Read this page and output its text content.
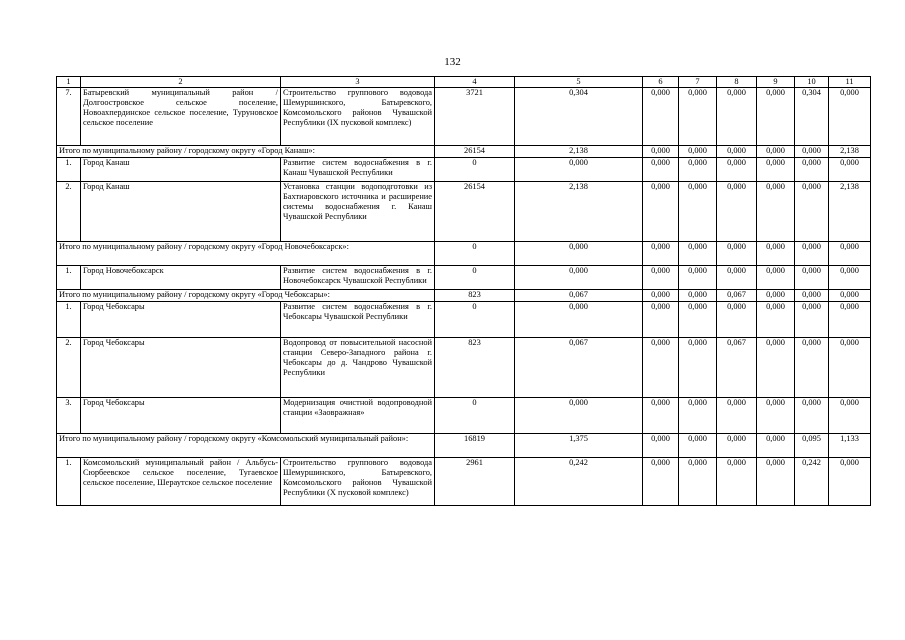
132
1	2	3	4	5	6	7	8	9	10	11
7.	Батыревский муниципальный район / Долгоостровское сельское поселение, Новоахпердинское сельское поселение, Туруновское сельское поселение	Строительство группового водовода Шемуршинского, Батыревского, Комсомольского районов Чувашской Республики (IX пусковой комплекс)	3721	0,304	0,000	0,000	0,000	0,000	0,304	0,000
Итого по муниципальному району / городскому округу «Город Канаш»:			26154	2,138	0,000	0,000	0,000	0,000	0,000	2,138
1.	Город Канаш	Развитие систем водоснабжения в г. Канаш Чувашской Республики	0	0,000	0,000	0,000	0,000	0,000	0,000	0,000
2.	Город Канаш	Установка станции водоподготовки из Бахтиаровского источника и расширение системы водоснабжения г. Канаш Чувашской Республики	26154	2,138	0,000	0,000	0,000	0,000	0,000	2,138
Итого по муниципальному району / городскому округу «Город Новочебоксарск»:			0	0,000	0,000	0,000	0,000	0,000	0,000	0,000
1.	Город Новочебоксарск	Развитие систем водоснабжения в г. Новочебоксарск Чувашской Республики	0	0,000	0,000	0,000	0,000	0,000	0,000	0,000
Итого по муниципальному району / городскому округу «Город Чебоксары»:			823	0,067	0,000	0,000	0,067	0,000	0,000	0,000
1.	Город Чебоксары	Развитие систем водоснабжения в г. Чебоксары Чувашской Республики	0	0,000	0,000	0,000	0,000	0,000	0,000	0,000
2.	Город Чебоксары	Водопровод от повысительной насосной станции Северо-Западного района г. Чебоксары до д. Чандрово Чувашской Республики	823	0,067	0,000	0,000	0,067	0,000	0,000	0,000
3.	Город Чебоксары	Модернизация очистной водопроводной станции «Заовражная»	0	0,000	0,000	0,000	0,000	0,000	0,000	0,000
Итого по муниципальному району / городскому округу «Комсомольский муниципальный район»:			16819	1,375	0,000	0,000	0,000	0,000	0,095	1,133
1.	Комсомольский муниципальный район / Альбусь-Сюрбеевское сельское поселение, Тугаевское сельское поселение, Шераутское сельское поселение	Строительство группового водовода Шемуршинского, Батыревского, Комсомольского районов Чувашской Республики (X пусковой комплекс)	2961	0,242	0,000	0,000	0,000	0,000	0,242	0,000
